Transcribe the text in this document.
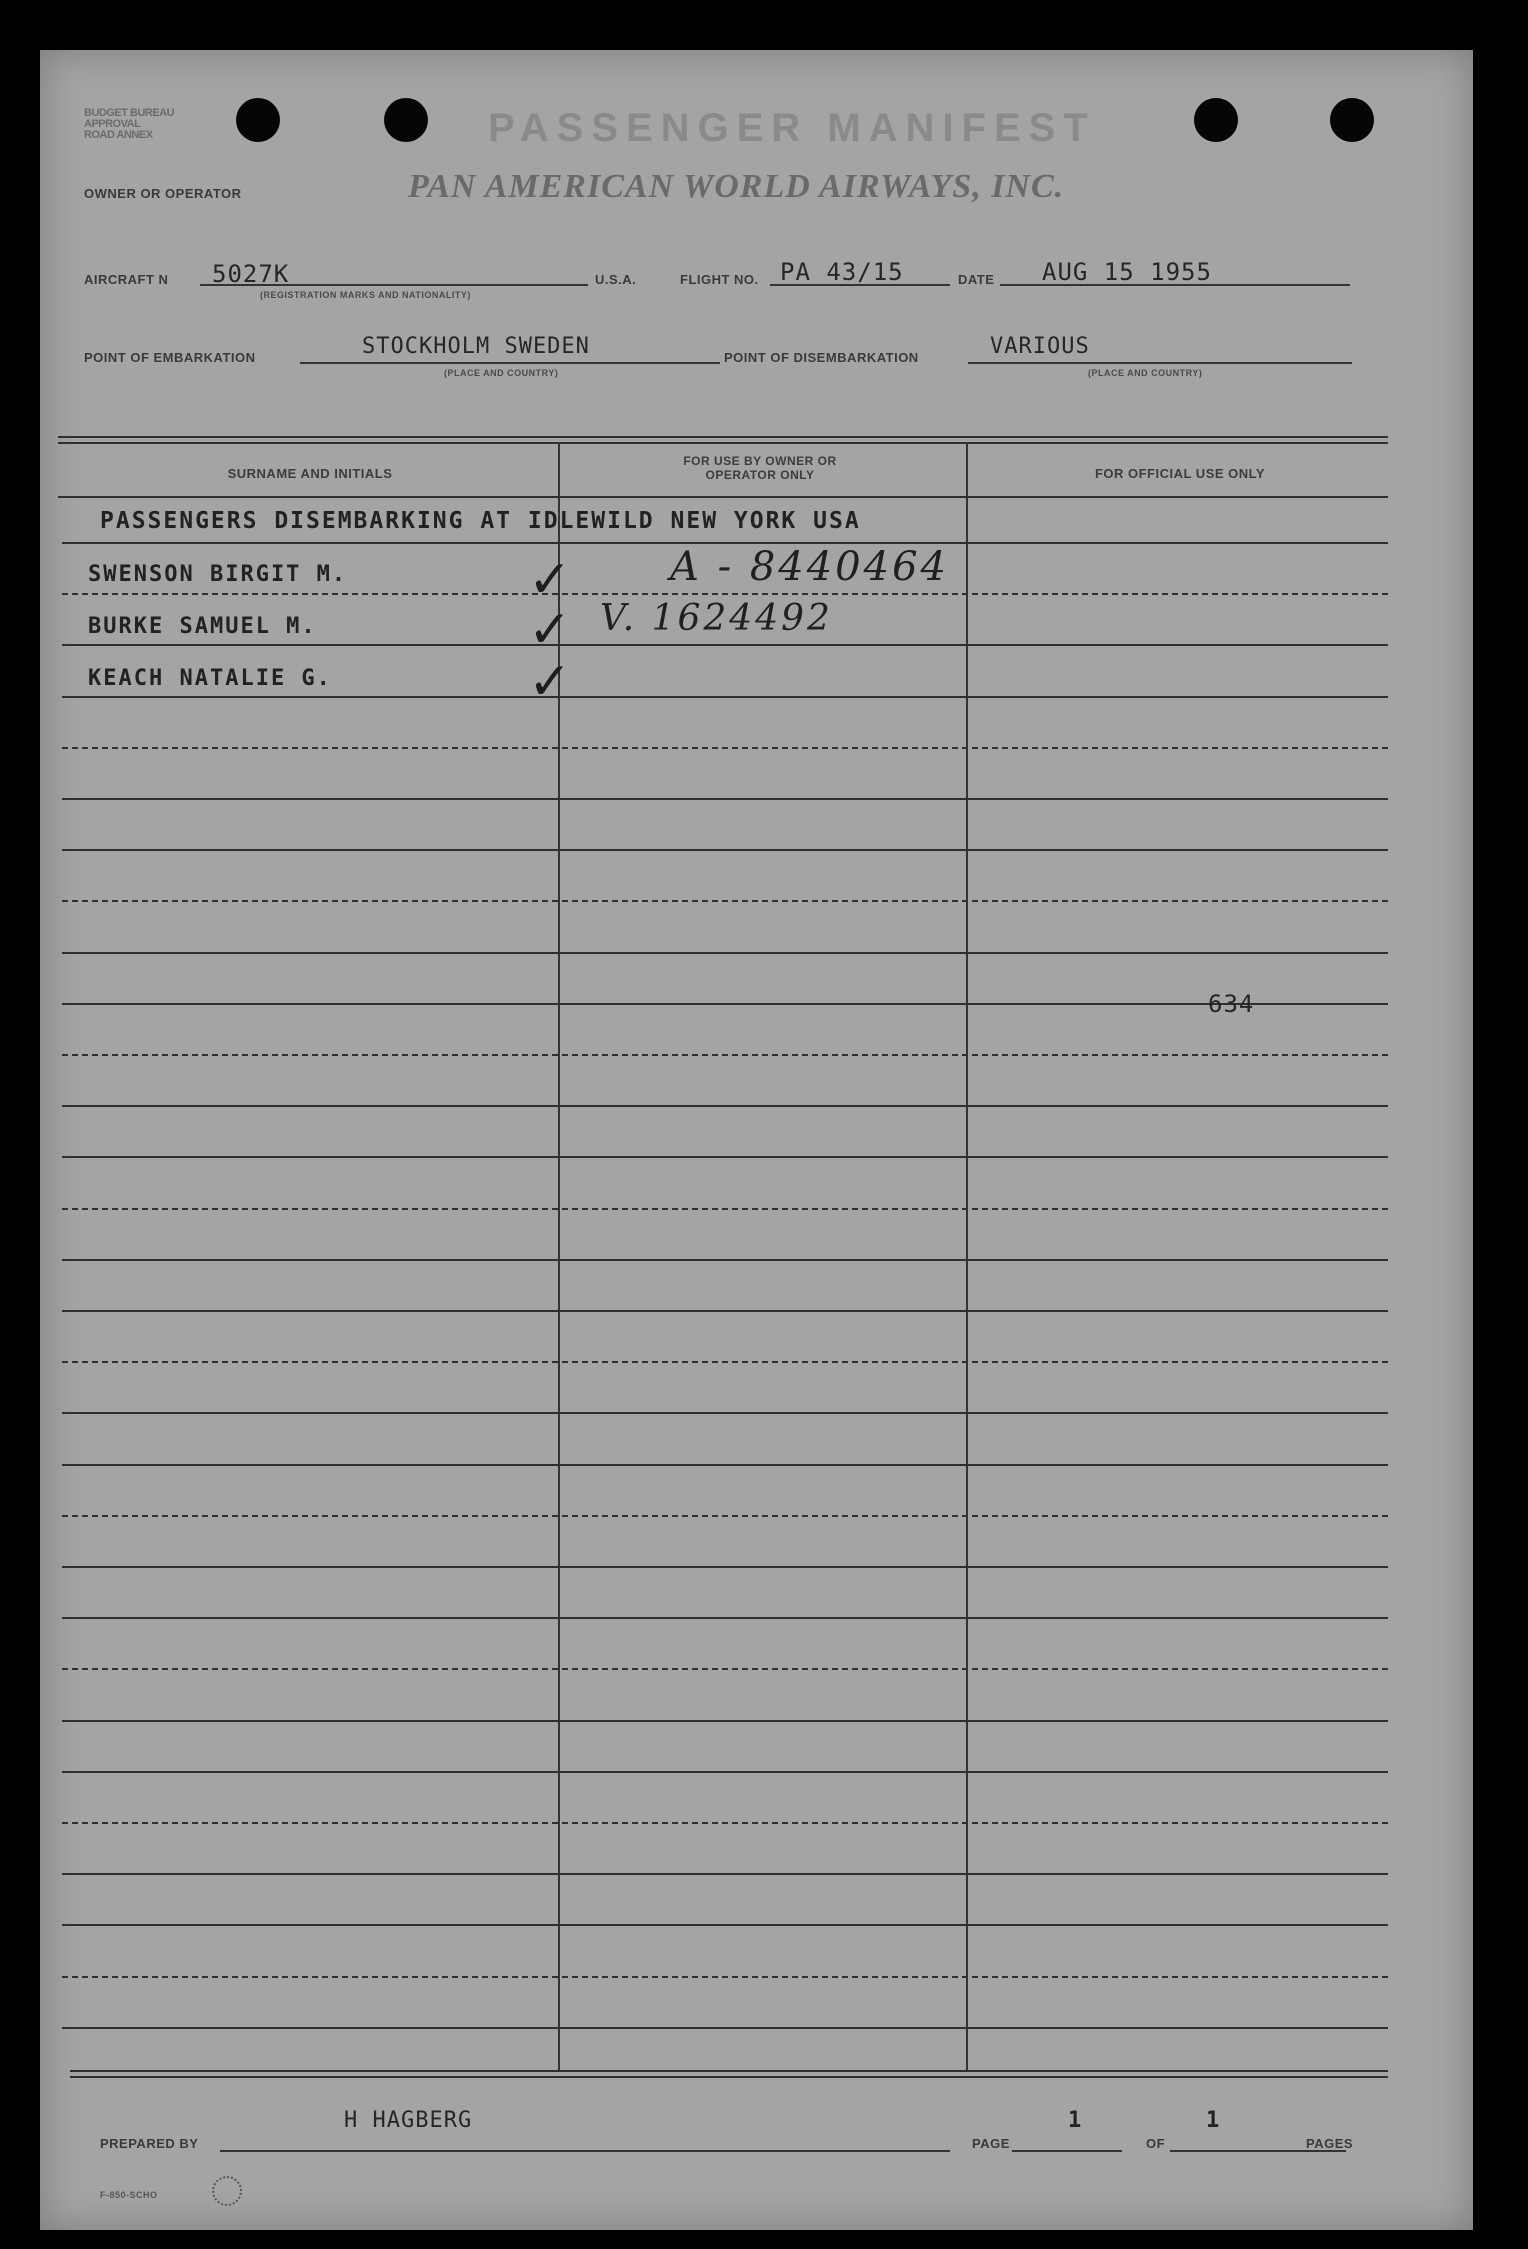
BUDGET BUREAU
APPROVAL
ROAD ANNEX	PASSENGER MANIFEST
OWNER OR OPERATOR	PAN AMERICAN WORLD AIRWAYS, INC.
AIRCRAFT N 5027K
(REGISTRATION MARKS AND NATIONALITY)
U.S.A.	FLIGHT NO. PA 43/15	DATE AUG 15 1955
POINT OF EMBARKATION	STOCKHOLM SWEDEN
(PLACE AND COUNTRY)
POINT OF DISEMBARKATION	VARIOUS
(PLACE AND COUNTRY)
SURNAME AND INITIALS
FOR USE BY OWNER OR OPERATOR ONLY	FOR OFFICIAL USE ONLY
PASSENGERS DISEMBARKING AT IDLEWILD NEW YORK USA
SWENSON BIRGIT M.	✓ A - 8440464
BURKE SAMUEL M.	✓ V. 1624492
KEACH NATALIE G.	✓
634
PREPARED BY
H HAGBERG
PAGE
1
OF
1
PAGES
F-850-SCHO
